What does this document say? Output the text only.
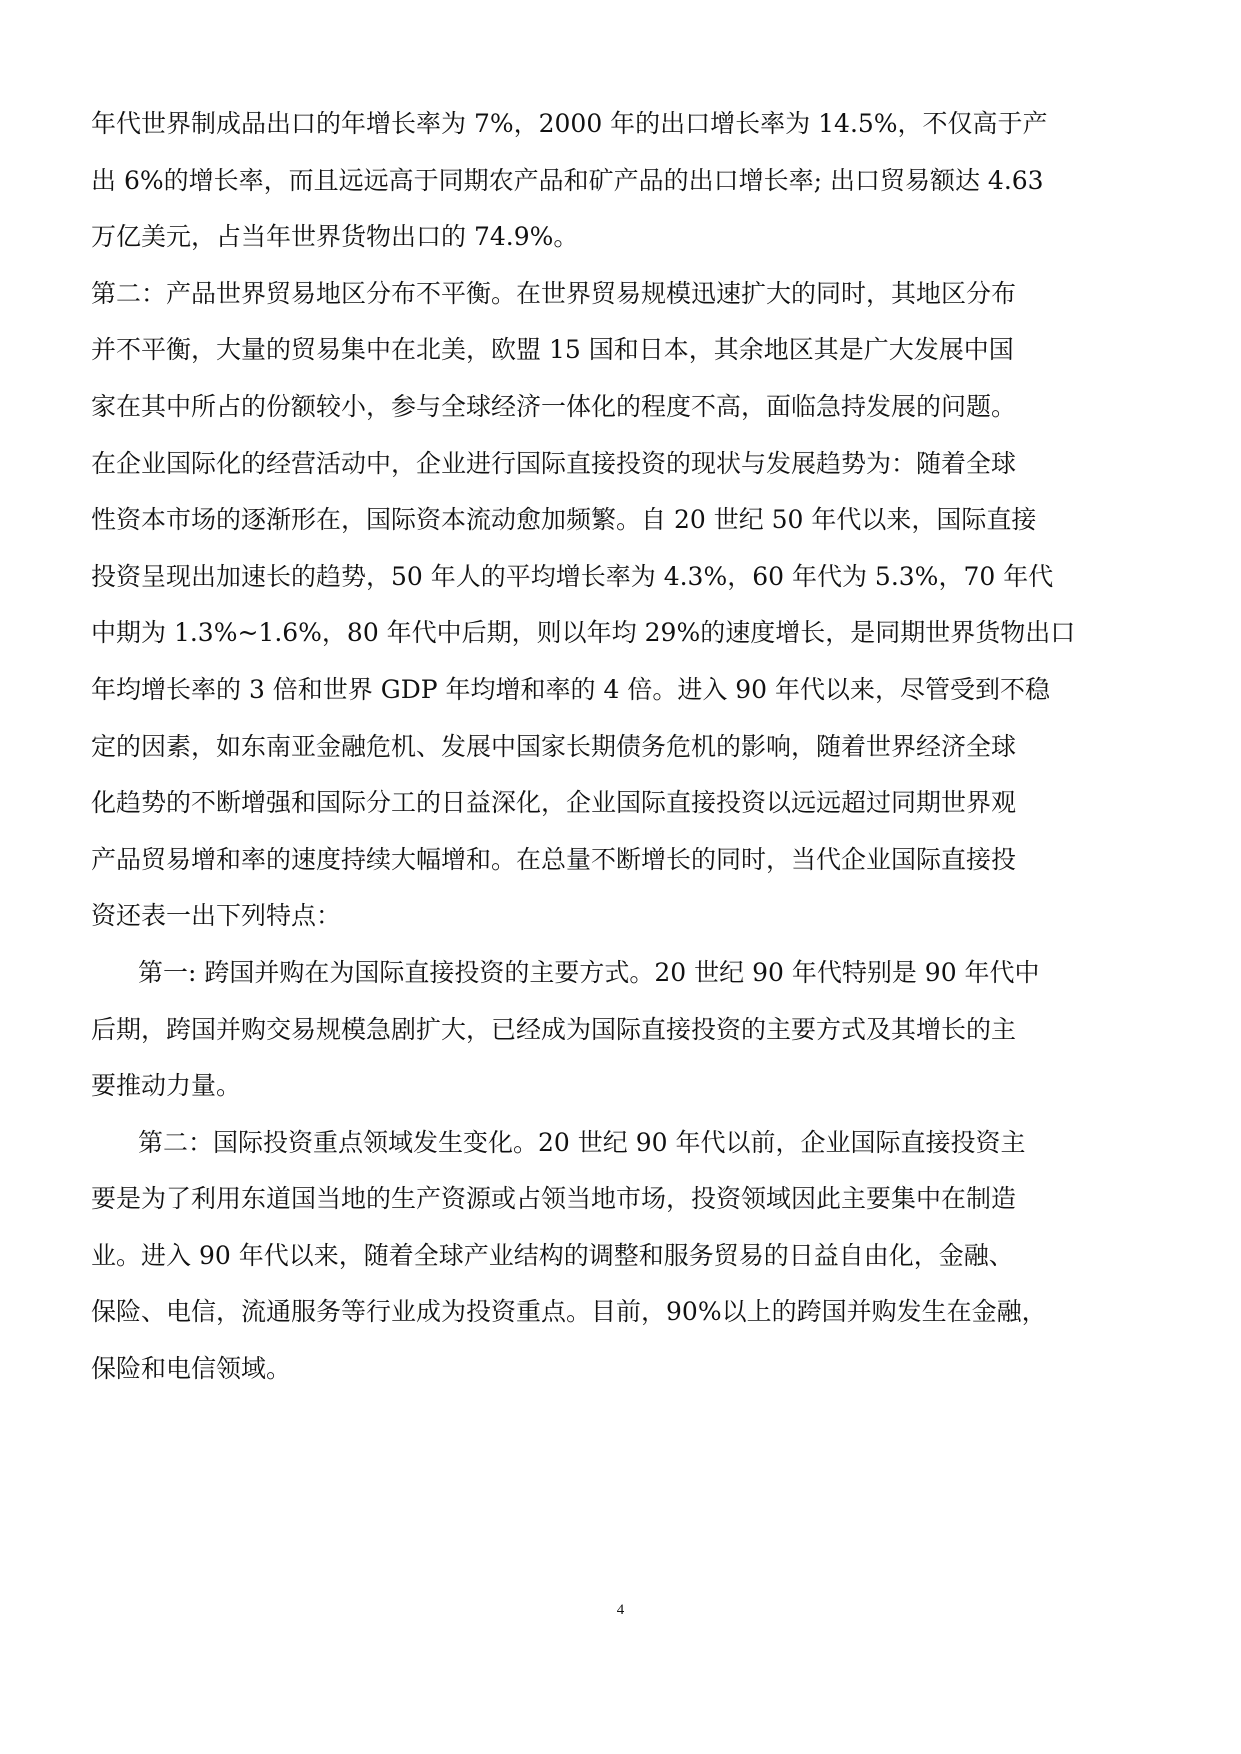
年代世界制成品出口的年增长率为 7%，2000 年的出口增长率为 14.5%，不仅高于产
出 6%的增长率，而且远远高于同期农产品和矿产品的出口增长率; 出口贸易额达 4.63
万亿美元，占当年世界货物出口的 74.9%。
第二：产品世界贸易地区分布不平衡。在世界贸易规模迅速扩大的同时，其地区分布
并不平衡，大量的贸易集中在北美，欧盟 15 国和日本，其余地区其是广大发展中国
家在其中所占的份额较小，参与全球经济一体化的程度不高，面临急持发展的问题。
在企业国际化的经营活动中，企业进行国际直接投资的现状与发展趋势为：随着全球
性资本市场的逐渐形在，国际资本流动愈加频繁。自 20 世纪 50 年代以来，国际直接
投资呈现出加速长的趋势，50 年人的平均增长率为 4.3%，60 年代为 5.3%，70 年代
中期为 1.3%~1.6%，80 年代中后期，则以年均 29%的速度增长，是同期世界货物出口
年均增长率的 3 倍和世界 GDP 年均增和率的 4 倍。进入 90 年代以来，尽管受到不稳
定的因素，如东南亚金融危机、发展中国家长期债务危机的影响，随着世界经济全球
化趋势的不断增强和国际分工的日益深化，企业国际直接投资以远远超过同期世界观
产品贸易增和率的速度持续大幅增和。在总量不断增长的同时，当代企业国际直接投
资还表一出下列特点：
第一: 跨国并购在为国际直接投资的主要方式。20 世纪 90 年代特别是 90 年代中
后期，跨国并购交易规模急剧扩大，已经成为国际直接投资的主要方式及其增长的主
要推动力量。
第二：国际投资重点领域发生变化。20 世纪 90 年代以前，企业国际直接投资主
要是为了利用东道国当地的生产资源或占领当地市场，投资领域因此主要集中在制造
业。进入 90 年代以来，随着全球产业结构的调整和服务贸易的日益自由化，金融、
保险、电信，流通服务等行业成为投资重点。目前，90%以上的跨国并购发生在金融，
保险和电信领域。
4
